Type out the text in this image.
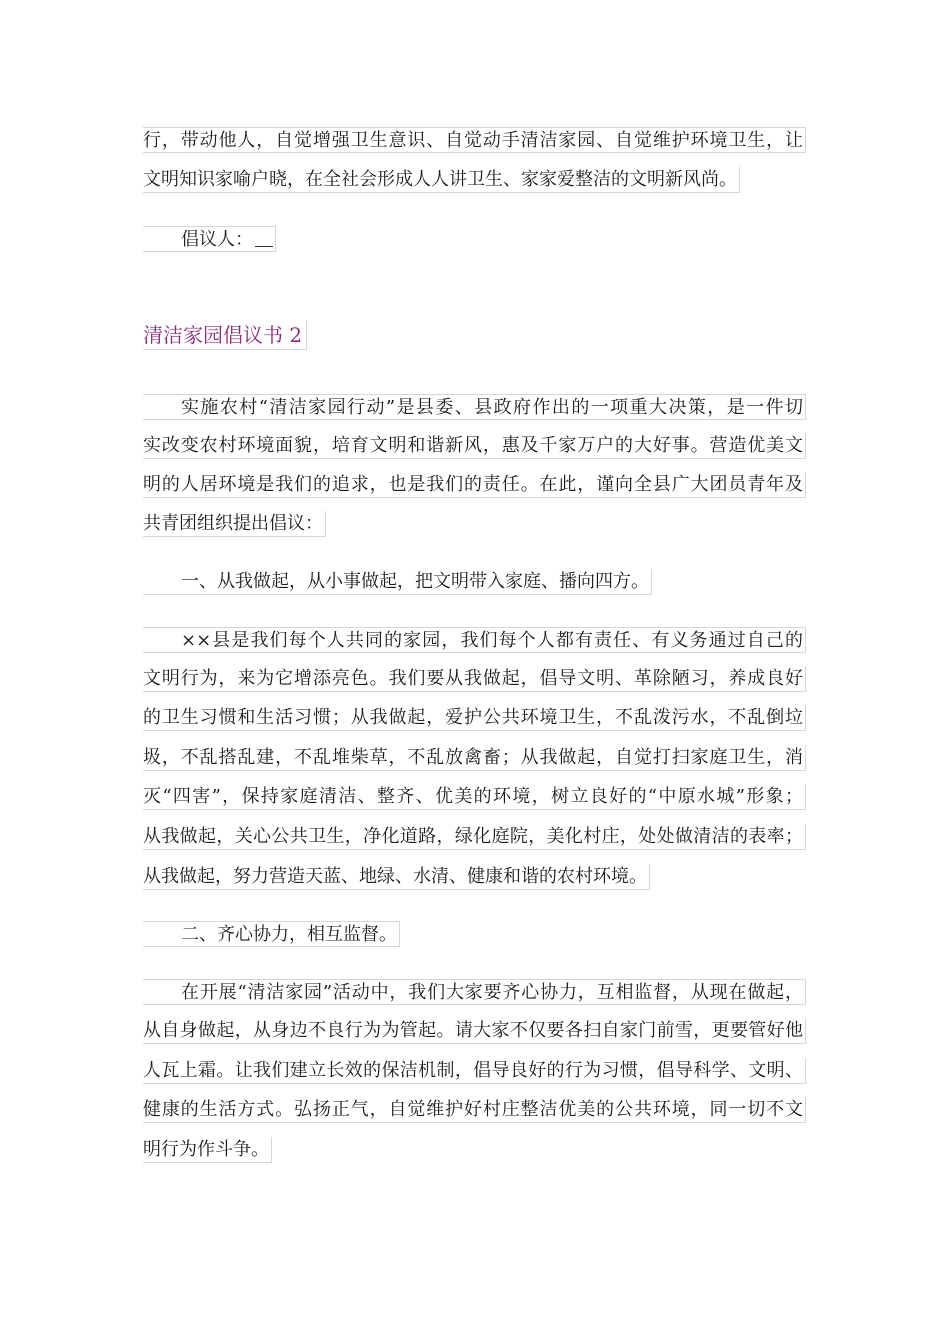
行，带动他人，自觉增强卫生意识、自觉动手清洁家园、自觉维护环境卫生，让
文明知识家喻户晓，在全社会形成人人讲卫生、家家爱整洁的文明新风尚。
倡议人：
清洁家园倡议书 2
实施农村“清洁家园行动”是县委、县政府作出的一项重大决策，是一件切
实改变农村环境面貌，培育文明和谐新风，惠及千家万户的大好事。营造优美文
明的人居环境是我们的追求，也是我们的责任。在此，谨向全县广大团员青年及
共青团组织提出倡议：
一、从我做起，从小事做起，把文明带入家庭、播向四方。
××县是我们每个人共同的家园，我们每个人都有责任、有义务通过自己的
文明行为，来为它增添亮色。我们要从我做起，倡导文明、革除陋习，养成良好
的卫生习惯和生活习惯；从我做起，爱护公共环境卫生，不乱泼污水，不乱倒垃
圾，不乱搭乱建，不乱堆柴草，不乱放禽畜；从我做起，自觉打扫家庭卫生，消
灭“四害”，保持家庭清洁、整齐、优美的环境，树立良好的“中原水城”形象；
从我做起，关心公共卫生，净化道路，绿化庭院，美化村庄，处处做清洁的表率；
从我做起，努力营造天蓝、地绿、水清、健康和谐的农村环境。
二、齐心协力，相互监督。
在开展“清洁家园”活动中，我们大家要齐心协力，互相监督，从现在做起，
从自身做起，从身边不良行为为管起。请大家不仅要各扫自家门前雪，更要管好他
人瓦上霜。让我们建立长效的保洁机制，倡导良好的行为习惯，倡导科学、文明、
健康的生活方式。弘扬正气，自觉维护好村庄整洁优美的公共环境，同一切不文
明行为作斗争。
